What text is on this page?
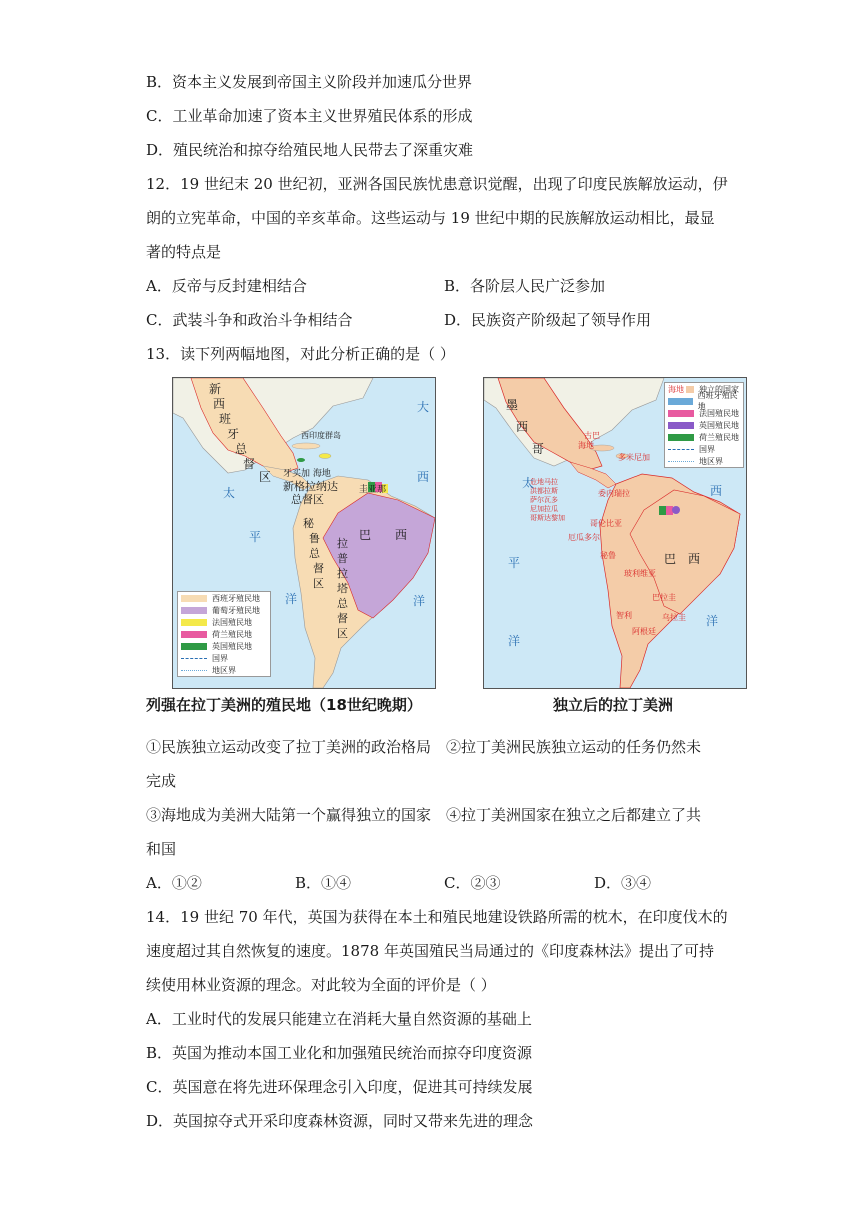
B．资本主义发展到帝国主义阶段并加速瓜分世界
C．工业革命加速了资本主义世界殖民体系的形成
D．殖民统治和掠夺给殖民地人民带去了深重灾难
12．19 世纪末 20 世纪初，亚洲各国民族忧患意识觉醒，出现了印度民族解放运动，伊
朗的立宪革命，中国的辛亥革命。这些运动与 19 世纪中期的民族解放运动相比，最显
著的特点是
A．反帝与反封建相结合	B．各阶层人民广泛参加
C．武装斗争和政治斗争相结合	D．民族资产阶级起了领导作用
13．读下列两幅地图，对此分析正确的是（ ）
新
西
班
牙
总
督
区
西印度群岛
牙买加 海地
新格拉纳达
总督区
圭亚那
巴　　西
秘
鲁
总
督
区
拉
普
拉
塔
总
督
区
大
太
西
平
洋	洋
西班牙殖民地
葡萄牙殖民地
法国殖民地
荷兰殖民地
英国殖民地
国界
地区界
列强在拉丁美洲的殖民地（18世纪晚期）
墨
西
哥
古巴
海地
多米尼加
危地马拉
洪都拉斯
萨尔瓦多
尼加拉瓜
哥斯达黎加
委内瑞拉
哥伦比亚
厄瓜多尔
秘鲁
玻利维亚
巴　西
巴拉圭
智利
阿根廷
乌拉圭
太
西
平
洋
洋
海地 独立的国家
西班牙殖民地
法国殖民地
英国殖民地
荷兰殖民地
国界
地区界
独立后的拉丁美洲
①民族独立运动改变了拉丁美洲的政治格局　②拉丁美洲民族独立运动的任务仍然未
完成
③海地成为美洲大陆第一个赢得独立的国家　④拉丁美洲国家在独立之后都建立了共
和国
A．①②	B．①④	C．②③	D．③④
14．19 世纪 70 年代，英国为获得在本土和殖民地建设铁路所需的枕木，在印度伐木的
速度超过其自然恢复的速度。1878 年英国殖民当局通过的《印度森林法》提出了可持
续使用林业资源的理念。对此较为全面的评价是（ ）
A．工业时代的发展只能建立在消耗大量自然资源的基础上
B．英国为推动本国工业化和加强殖民统治而掠夺印度资源
C．英国意在将先进环保理念引入印度，促进其可持续发展
D．英国掠夺式开采印度森林资源，同时又带来先进的理念
